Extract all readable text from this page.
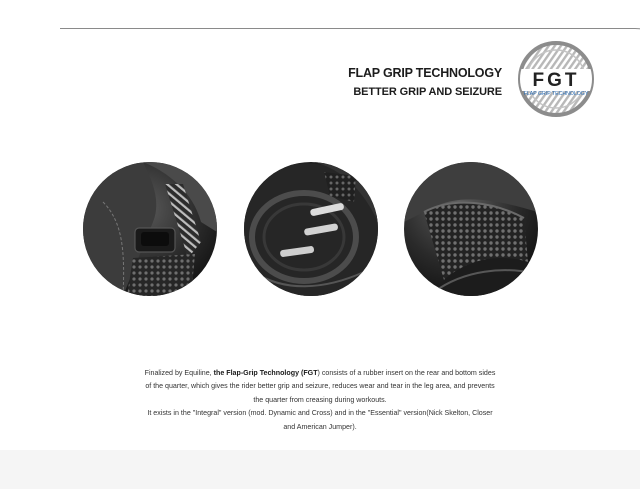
FLAP GRIP TECHNOLOGY
BETTER GRIP AND SEIZURE
FGT
FLAP GRIP TECHNOLOGY
Finalized by Equiline, the Flap-Grip Technology (FGT) consists of a rubber insert on the rear and bottom sides
of the quarter, which gives the rider better grip and seizure, reduces wear and tear in the leg area, and prevents
the quarter from creasing during workouts.
It exists in the "Integral" version (mod. Dynamic and Cross) and in the "Essential" version(Nick Skelton, Closer
and American Jumper).
